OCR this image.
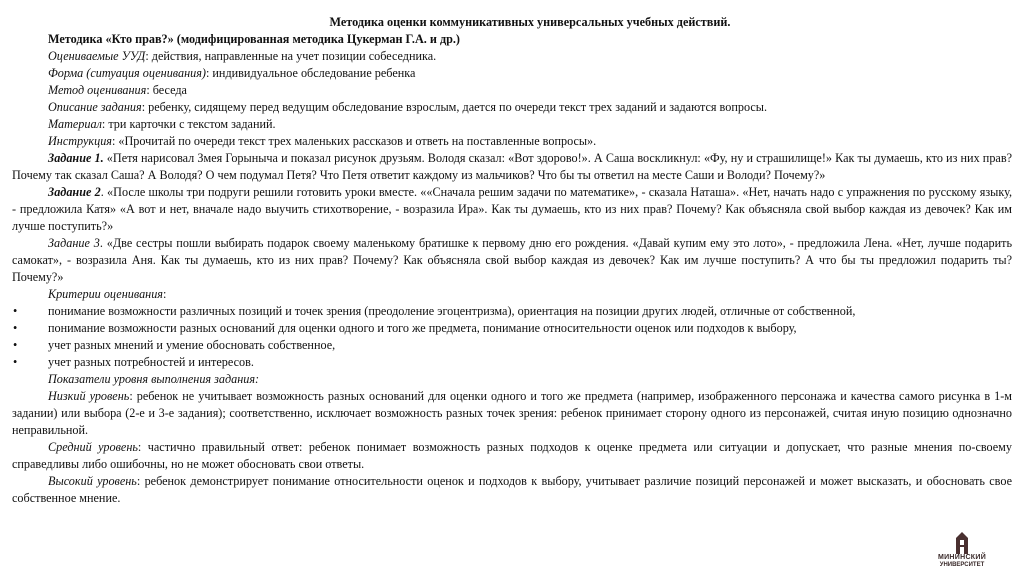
Методика оценки коммуникативных универсальных учебных действий.

Методика «Кто прав?» (модифицированная методика Цукерман Г.А. и др.)

Оцениваемые УУД: действия, направленные на учет позиции собеседника.

Форма (ситуация оценивания): индивидуальное обследование ребенка

Метод оценивания: беседа

Описание задания: ребенку, сидящему перед ведущим обследование взрослым, дается по очереди текст трех заданий и задаются вопросы.

Материал: три карточки с текстом заданий.

Инструкция: «Прочитай по очереди текст трех маленьких рассказов и ответь на поставленные вопросы».

Задание 1. «Петя нарисовал Змея Горыныча и показал рисунок друзьям. Володя сказал: «Вот здорово!». А Саша воскликнул: «Фу, ну и страшилище!» Как ты думаешь, кто из них прав? Почему так сказал Саша? А Володя? О чем подумал Петя? Что Петя ответит каждому из мальчиков? Что бы ты ответил на месте Саши и Володи? Почему?»

Задание 2. «После школы три подруги решили готовить уроки вместе. ««Сначала решим задачи по математике», - сказала Наташа». «Нет, начать надо с упражнения по русскому языку, - предложила Катя» «А вот и нет, вначале надо выучить стихотворение, - возразила Ира». Как ты думаешь, кто из них прав? Почему? Как объясняла свой выбор каждая из девочек? Как им лучше поступить?»

Задание 3. «Две сестры пошли выбирать подарок своему маленькому братишке к первому дню его рождения. «Давай купим ему это лото», - предложила Лена. «Нет, лучше подарить самокат», - возразила Аня. Как ты думаешь, кто из них прав? Почему? Как объясняла свой выбор каждая из девочек? Как им лучше поступить? А что бы ты предложил подарить ты? Почему?»

Критерии оценивания:

•	понимание возможности различных позиций и точек зрения (преодоление эгоцентризма), ориентация на позиции других людей, отличные от собственной,
•	понимание возможности разных оснований для оценки одного и того же предмета, понимание относительности оценок или подходов к выбору,
•	учет разных мнений и умение обосновать собственное,
•	учет разных потребностей и интересов.

Показатели уровня выполнения задания:

Низкий уровень: ребенок не учитывает возможность разных оснований для оценки одного и того же предмета (например, изображенного персонажа и качества самого рисунка в 1-м задании) или выбора (2-е и 3-е задания); соответственно, исключает возможность разных точек зрения: ребенок принимает сторону одного из персонажей, считая иную позицию однозначно неправильной.

Средний уровень: частично правильный ответ: ребенок понимает возможность разных подходов к оценке предмета или ситуации и допускает, что разные мнения по-своему справедливы либо ошибочны, но не может обосновать свои ответы.

Высокий уровень: ребенок демонстрирует понимание относительности оценок и подходов к выбору, учитывает различие позиций персонажей и может высказать, и обосновать свое собственное мнение.

МИНИНСКИЙ
УНИВЕРСИТЕТ
